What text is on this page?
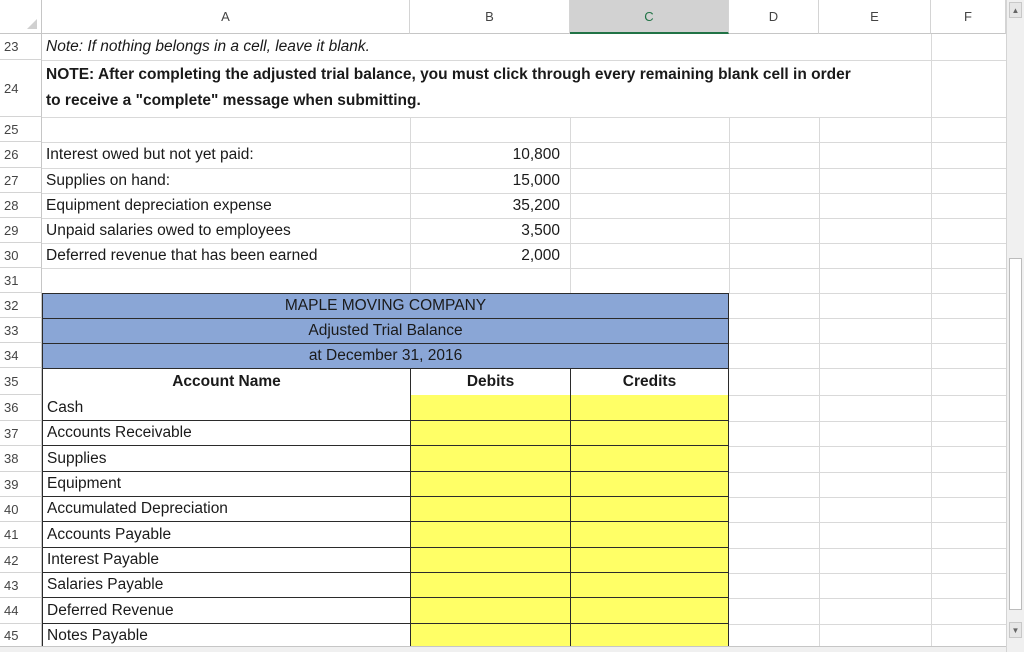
A	B	C	D	E	F
23
24
25
26
27
28
29
30
31
32
33
34
35
36
37
38
39
40
41
42
43
44
45
Note: If nothing belongs in a cell, leave it blank.
NOTE: After completing the adjusted trial balance, you must click through every remaining blank cell in order
to receive a "complete" message when submitting.
Interest owed but not yet paid:	10,800
Supplies on hand:	15,000
Equipment depreciation expense	35,200
Unpaid salaries owed to employees	3,500
Deferred revenue that has been earned	2,000
MAPLE MOVING COMPANY
Adjusted Trial Balance
at December 31, 2016
Account Name	Debits	Credits
Cash
Accounts Receivable
Supplies
Equipment
Accumulated Depreciation
Accounts Payable
Interest Payable
Salaries Payable
Deferred Revenue
Notes Payable
▲
▼
